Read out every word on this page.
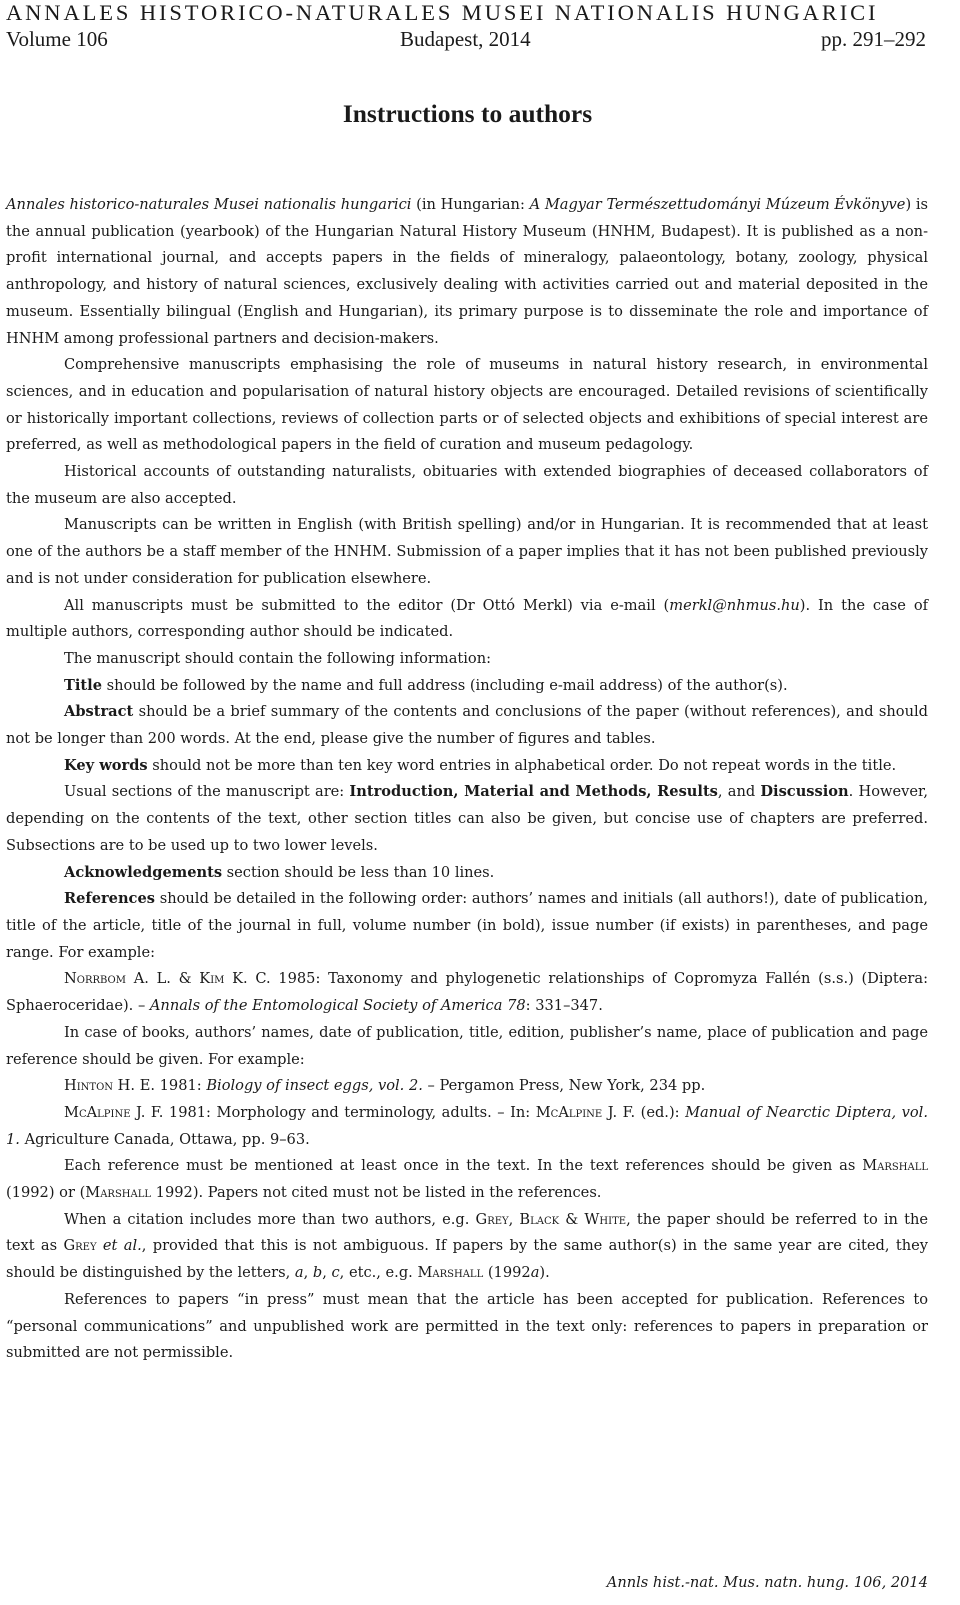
ANNALES HISTORICO-NATURALES MUSEI NATIONALIS HUNGARICI
Volume 106	Budapest, 2014	pp. 291–292
Instructions to authors

Annales historico-naturales Musei nationalis hungarici (in Hungarian: A Magyar Természettudományi Múzeum Évkönyve) is the annual publication (yearbook) of the Hungarian Natural History Museum (HNHM, Budapest). It is published as a non-profit international journal, and accepts papers in the fields of mineralogy, palaeontology, botany, zoology, physical anthropology, and history of natural sciences, exclusively dealing with activities carried out and material deposited in the museum. Essentially bilingual (English and Hungarian), its primary purpose is to disseminate the role and importance of HNHM among professional partners and decision-makers.

Comprehensive manuscripts emphasising the role of museums in natural history research, in environmental sciences, and in education and popularisation of natural history objects are encouraged. Detailed revisions of scientifically or historically important collections, reviews of collection parts or of selected objects and exhibitions of special interest are preferred, as well as methodological papers in the field of curation and museum pedagology.

Historical accounts of outstanding naturalists, obituaries with extended biographies of deceased collaborators of the museum are also accepted.

Manuscripts can be written in English (with British spelling) and/or in Hungarian. It is recommended that at least one of the authors be a staff member of the HNHM. Submission of a paper implies that it has not been published previously and is not under consideration for publication elsewhere.

All manuscripts must be submitted to the editor (Dr Ottó Merkl) via e-mail (merkl@nhmus.hu). In the case of multiple authors, corresponding author should be indicated.

The manuscript should contain the following information:

Title should be followed by the name and full address (including e-mail address) of the author(s).

Abstract should be a brief summary of the contents and conclusions of the paper (without references), and should not be longer than 200 words. At the end, please give the number of figures and tables.

Key words should not be more than ten key word entries in alphabetical order. Do not repeat words in the title.

Usual sections of the manuscript are: Introduction, Material and Methods, Results, and Discussion. However, depending on the contents of the text, other section titles can also be given, but concise use of chapters are preferred. Subsections are to be used up to two lower levels.

Acknowledgements section should be less than 10 lines.

References should be detailed in the following order: authors’ names and initials (all authors!), date of publication, title of the article, title of the journal in full, volume number (in bold), issue number (if exists) in parentheses, and page range. For example:

Norrbom A. L. & Kim K. C. 1985: Taxonomy and phylogenetic relationships of Copromyza Fallén (s.s.) (Diptera: Sphaeroceridae). – Annals of the Entomological Society of America 78: 331–347.

In case of books, authors’ names, date of publication, title, edition, publisher’s name, place of publication and page reference should be given. For example:

Hinton H. E. 1981: Biology of insect eggs, vol. 2. – Pergamon Press, New York, 234 pp.

McAlpine J. F. 1981: Morphology and terminology, adults. – In: McAlpine J. F. (ed.): Manual of Nearctic Diptera, vol. 1. Agriculture Canada, Ottawa, pp. 9–63.

Each reference must be mentioned at least once in the text. In the text references should be given as Marshall (1992) or (Marshall 1992). Papers not cited must not be listed in the references.

When a citation includes more than two authors, e.g. Grey, Black & White, the paper should be referred to in the text as Grey et al., provided that this is not ambiguous. If papers by the same author(s) in the same year are cited, they should be distinguished by the letters, a, b, c, etc., e.g. Marshall (1992a).

References to papers “in press” must mean that the article has been accepted for publication. References to “personal communications” and unpublished work are permitted in the text only: references to papers in preparation or submitted are not permissible.

Annls hist.-nat. Mus. natn. hung. 106, 2014
